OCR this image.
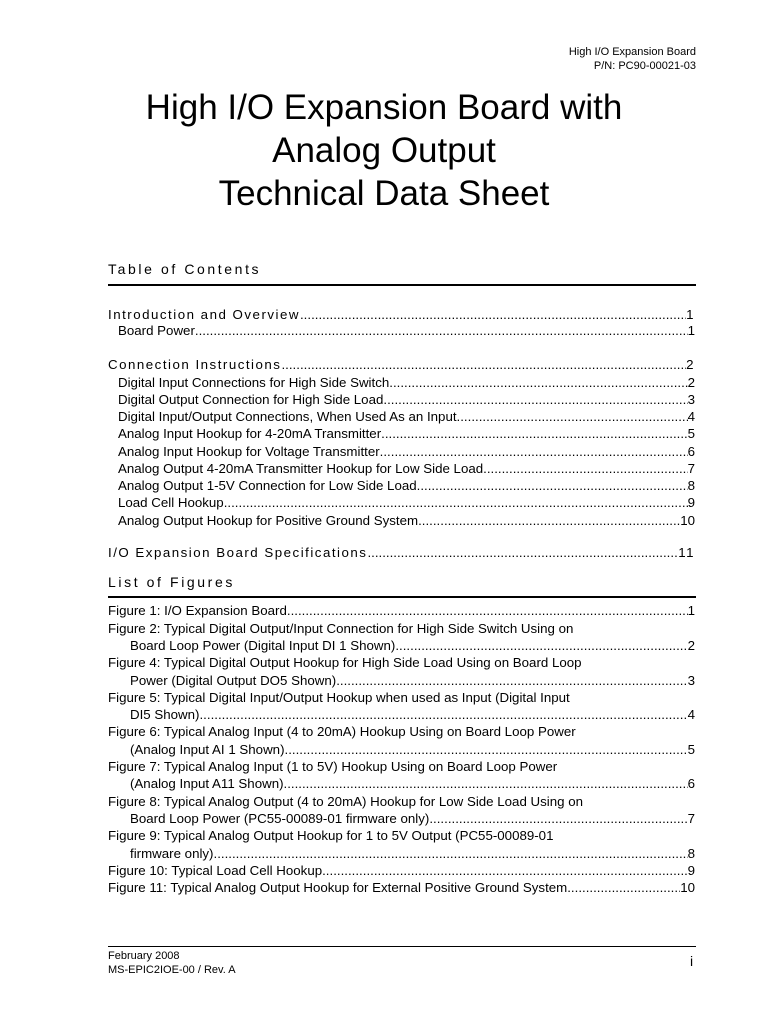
High I/O Expansion Board
P/N: PC90-00021-03
High I/O Expansion Board with
Analog Output
Technical Data Sheet
Table of Contents
Introduction and Overview .....	1
Board Power .....	1
Connection Instructions .....	2
Digital Input Connections for High Side Switch .....	2
Digital Output Connection for High Side Load .....	3
Digital Input/Output Connections, When Used As an Input .....	4
Analog Input Hookup for 4-20mA Transmitter .....	5
Analog Input Hookup for Voltage Transmitter .....	6
Analog Output 4-20mA Transmitter Hookup for Low Side Load .....	7
Analog Output 1-5V Connection for Low Side Load .....	8
Load Cell Hookup .....	9
Analog Output Hookup for Positive Ground System .....	10
I/O Expansion Board Specifications .....	11
List of Figures
Figure 1: I/O Expansion Board .....	1
Figure 2: Typical Digital Output/Input Connection for High Side Switch Using on
Board Loop Power (Digital Input DI 1 Shown) .....	2
Figure 4: Typical Digital Output Hookup for High Side Load Using on Board Loop
Power (Digital Output DO5 Shown) .....	3
Figure 5: Typical Digital Input/Output Hookup when used as Input (Digital Input
DI5 Shown) .....	4
Figure 6: Typical Analog Input (4 to 20mA) Hookup Using on Board Loop Power
(Analog Input AI 1 Shown) .....	5
Figure 7: Typical Analog Input (1 to 5V) Hookup Using on Board Loop Power
(Analog Input A11 Shown) .....	6
Figure 8: Typical Analog Output (4 to 20mA) Hookup for Low Side Load Using on
Board Loop Power (PC55-00089-01 firmware only) .....	7
Figure 9: Typical Analog Output Hookup for 1 to 5V Output (PC55-00089-01
firmware only) .....	8
Figure 10: Typical Load Cell Hookup .....	9
Figure 11: Typical Analog Output Hookup for External Positive Ground System .....	10
February 2008
MS-EPIC2IOE-00 / Rev. A
i
